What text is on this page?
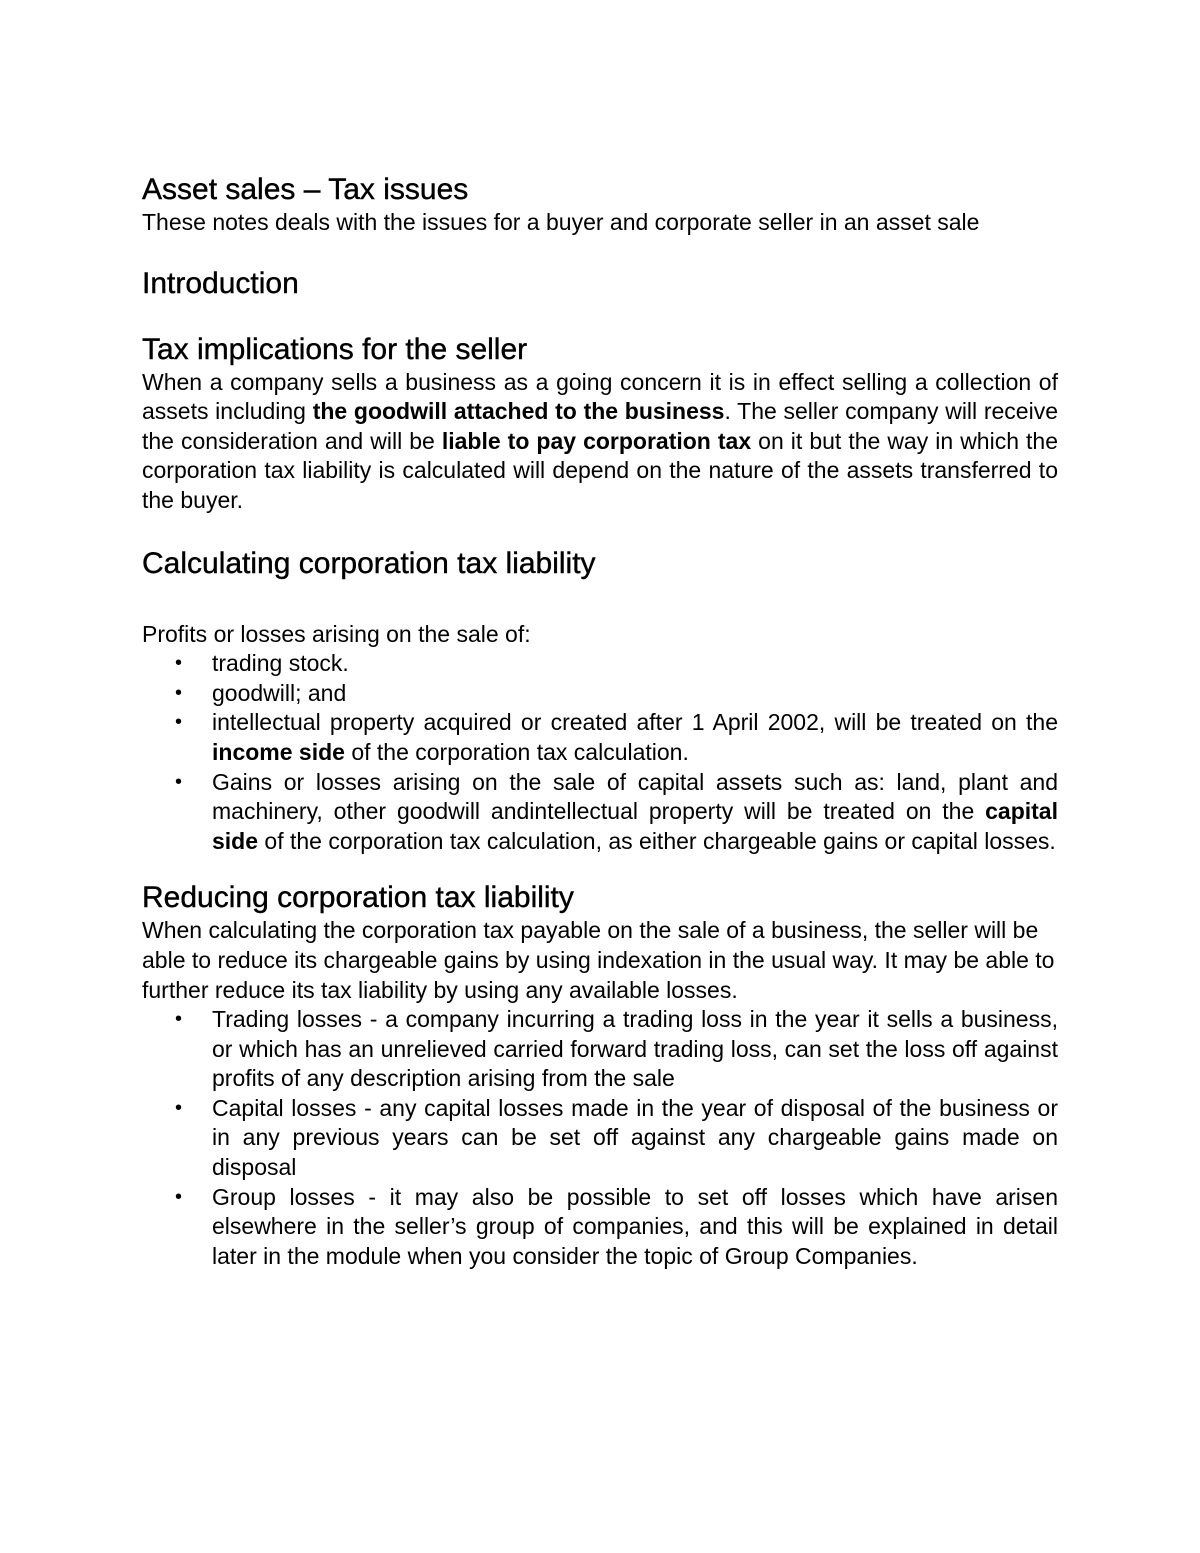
Asset sales – Tax issues

These notes deals with the issues for a buyer and corporate seller in an asset sale

Introduction
Tax implications for the seller

When a company sells a business as a going concern it is in effect selling a collection of assets including the goodwill attached to the business. The seller company will receive the consideration and will be liable to pay corporation tax on it but the way in which the corporation tax liability is calculated will depend on the nature of the assets transferred to the buyer.

Calculating corporation tax liability

Profits or losses arising on the sale of:

• trading stock.
• goodwill; and
• intellectual property acquired or created after 1 April 2002, will be treated on the income side of the corporation tax calculation.
• Gains or losses arising on the sale of capital assets such as: land, plant and machinery, other goodwill andintellectual property will be treated on the capital side of the corporation tax calculation, as either chargeable gains or capital losses.
Reducing corporation tax liability

When calculating the corporation tax payable on the sale of a business, the seller will be able to reduce its chargeable gains by using indexation in the usual way. It may be able to further reduce its tax liability by using any available losses.

• Trading losses - a company incurring a trading loss in the year it sells a business, or which has an unrelieved carried forward trading loss, can set the loss off against profits of any description arising from the sale
• Capital losses - any capital losses made in the year of disposal of the business or in any previous years can be set off against any chargeable gains made on disposal
• Group losses - it may also be possible to set off losses which have arisen elsewhere in the seller’s group of companies, and this will be explained in detail later in the module when you consider the topic of Group Companies.
